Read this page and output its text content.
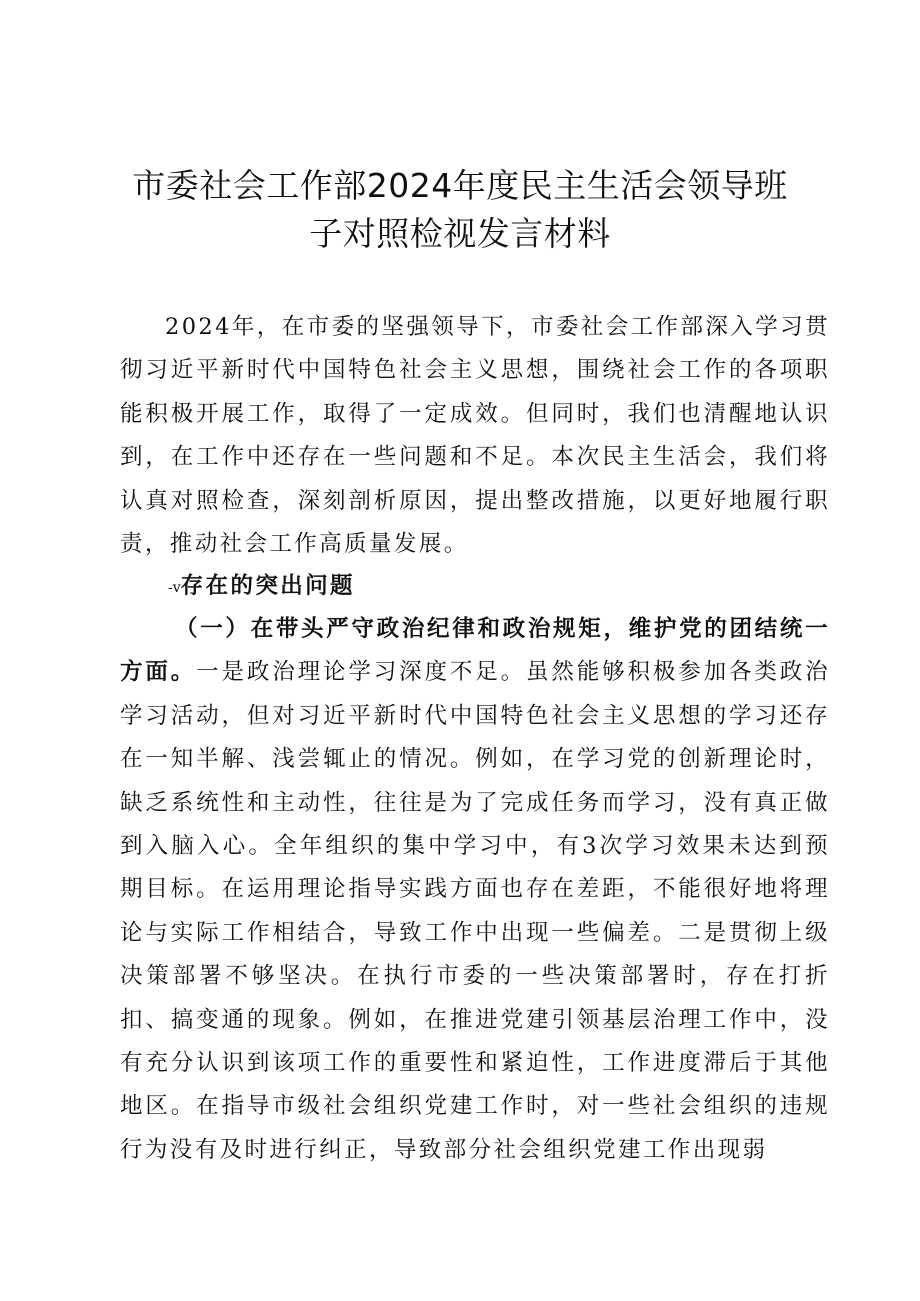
市委社会工作部2024年度民主生活会领导班
子对照检视发言材料

2024年，在市委的坚强领导下，市委社会工作部深入学习贯彻习近平新时代中国特色社会主义思想，围绕社会工作的各项职能积极开展工作，取得了一定成效。但同时，我们也清醒地认识到，在工作中还存在一些问题和不足。本次民主生活会，我们将认真对照检查，深刻剖析原因，提出整改措施，以更好地履行职责，推动社会工作高质量发展。

-v存在的突出问题

（一）在带头严守政治纪律和政治规矩，维护党的团结统一方面。一是政治理论学习深度不足。虽然能够积极参加各类政治学习活动，但对习近平新时代中国特色社会主义思想的学习还存在一知半解、浅尝辄止的情况。例如，在学习党的创新理论时，缺乏系统性和主动性，往往是为了完成任务而学习，没有真正做到入脑入心。全年组织的集中学习中，有3次学习效果未达到预期目标。在运用理论指导实践方面也存在差距，不能很好地将理论与实际工作相结合，导致工作中出现一些偏差。二是贯彻上级决策部署不够坚决。在执行市委的一些决策部署时，存在打折扣、搞变通的现象。例如，在推进党建引领基层治理工作中，没有充分认识到该项工作的重要性和紧迫性，工作进度滞后于其他地区。在指导市级社会组织党建工作时，对一些社会组织的违规行为没有及时进行纠正，导致部分社会组织党建工作出现弱
